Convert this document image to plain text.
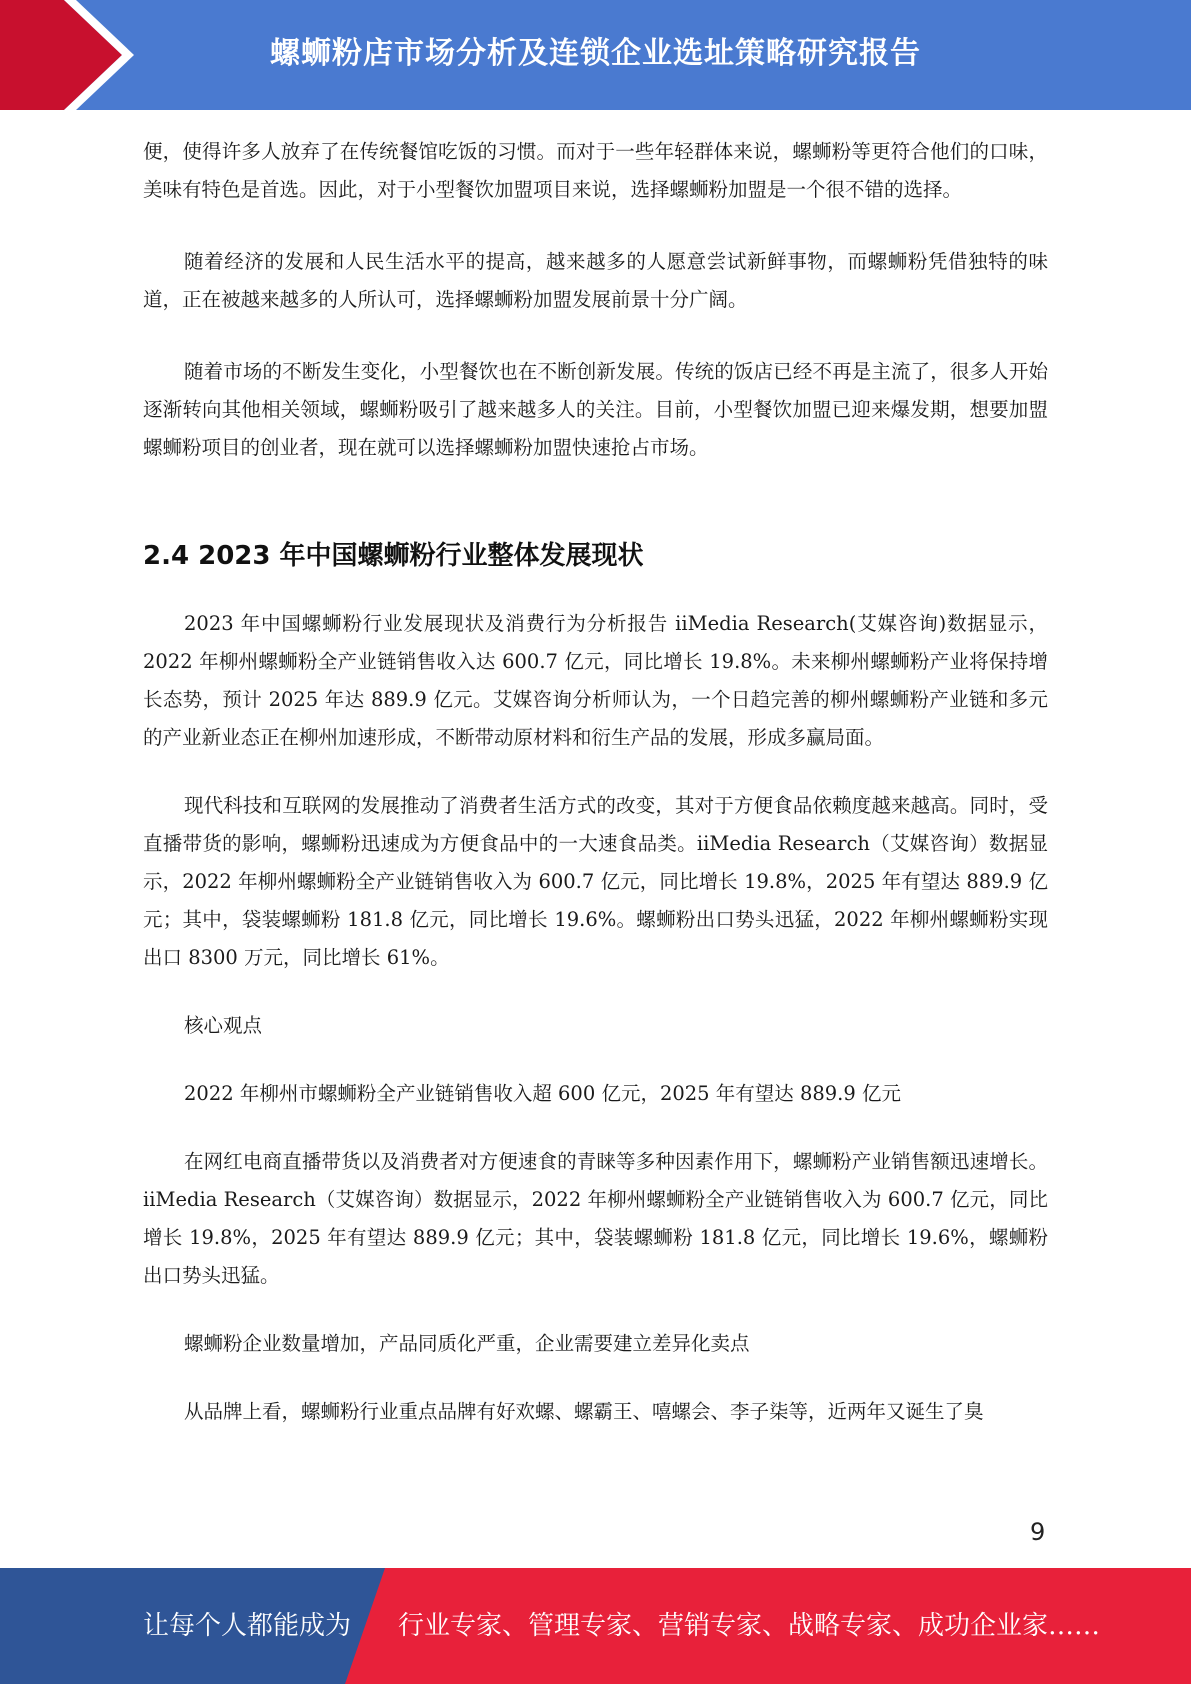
螺蛳粉店市场分析及连锁企业选址策略研究报告

便，使得许多人放弃了在传统餐馆吃饭的习惯。而对于一些年轻群体来说，螺蛳粉等更符合他们的口味，美味有特色是首选。因此，对于小型餐饮加盟项目来说，选择螺蛳粉加盟是一个很不错的选择。

随着经济的发展和人民生活水平的提高，越来越多的人愿意尝试新鲜事物，而螺蛳粉凭借独特的味道，正在被越来越多的人所认可，选择螺蛳粉加盟发展前景十分广阔。

随着市场的不断发生变化，小型餐饮也在不断创新发展。传统的饭店已经不再是主流了，很多人开始逐渐转向其他相关领域，螺蛳粉吸引了越来越多人的关注。目前，小型餐饮加盟已迎来爆发期，想要加盟螺蛳粉项目的创业者，现在就可以选择螺蛳粉加盟快速抢占市场。

2.4 2023 年中国螺蛳粉行业整体发展现状

2023 年中国螺蛳粉行业发展现状及消费行为分析报告 iiMedia Research(艾媒咨询)数据显示，2022 年柳州螺蛳粉全产业链销售收入达 600.7 亿元，同比增长 19.8%。未来柳州螺蛳粉产业将保持增长态势，预计 2025 年达 889.9 亿元。艾媒咨询分析师认为，一个日趋完善的柳州螺蛳粉产业链和多元的产业新业态正在柳州加速形成，不断带动原材料和衍生产品的发展，形成多赢局面。

现代科技和互联网的发展推动了消费者生活方式的改变，其对于方便食品依赖度越来越高。同时，受直播带货的影响，螺蛳粉迅速成为方便食品中的一大速食品类。iiMedia Research（艾媒咨询）数据显示，2022 年柳州螺蛳粉全产业链销售收入为 600.7 亿元，同比增长 19.8%，2025 年有望达 889.9 亿元；其中，袋装螺蛳粉 181.8 亿元，同比增长 19.6%。螺蛳粉出口势头迅猛，2022 年柳州螺蛳粉实现出口 8300 万元，同比增长 61%。

核心观点

2022 年柳州市螺蛳粉全产业链销售收入超 600 亿元，2025 年有望达 889.9 亿元

在网红电商直播带货以及消费者对方便速食的青睐等多种因素作用下，螺蛳粉产业销售额迅速增长。iiMedia Research（艾媒咨询）数据显示，2022 年柳州螺蛳粉全产业链销售收入为 600.7 亿元，同比增长 19.8%，2025 年有望达 889.9 亿元；其中，袋装螺蛳粉 181.8 亿元，同比增长 19.6%，螺蛳粉出口势头迅猛。

螺蛳粉企业数量增加，产品同质化严重，企业需要建立差异化卖点

从品牌上看，螺蛳粉行业重点品牌有好欢螺、螺霸王、嘻螺会、李子柒等，近两年又诞生了臭

9
让每个人都能成为 行业专家、管理专家、营销专家、战略专家、成功企业家……
